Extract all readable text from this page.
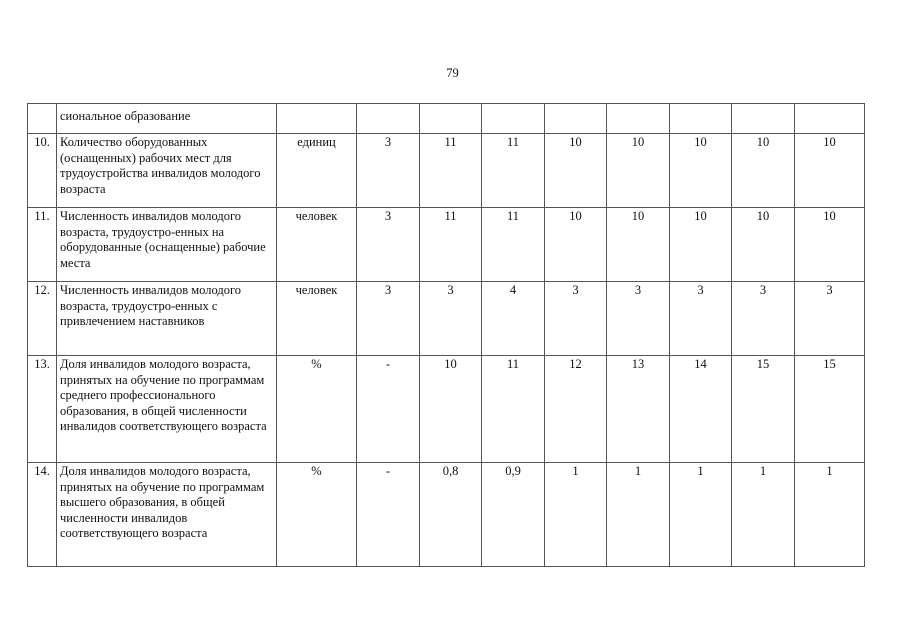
79
	сиональное образование									
10.	Количество оборудованных (оснащенных) рабочих мест для трудоустройства инвалидов молодого возраста	единиц	3	11	11	10	10	10	10	10
11.	Численность инвалидов молодого возраста, трудоустро-енных на оборудованные (оснащенные) рабочие места	человек	3	11	11	10	10	10	10	10
12.	Численность инвалидов молодого возраста, трудоустро-енных с привлечением наставников	человек	3	3	4	3	3	3	3	3
13.	Доля инвалидов молодого возраста, принятых на обучение по программам среднего профессионального образования, в общей численности инвалидов соответствующего возраста	%	-	10	11	12	13	14	15	15
14.	Доля инвалидов молодого возраста, принятых на обучение по программам высшего образования, в общей численности инвалидов соответствующего возраста	%	-	0,8	0,9	1	1	1	1	1
